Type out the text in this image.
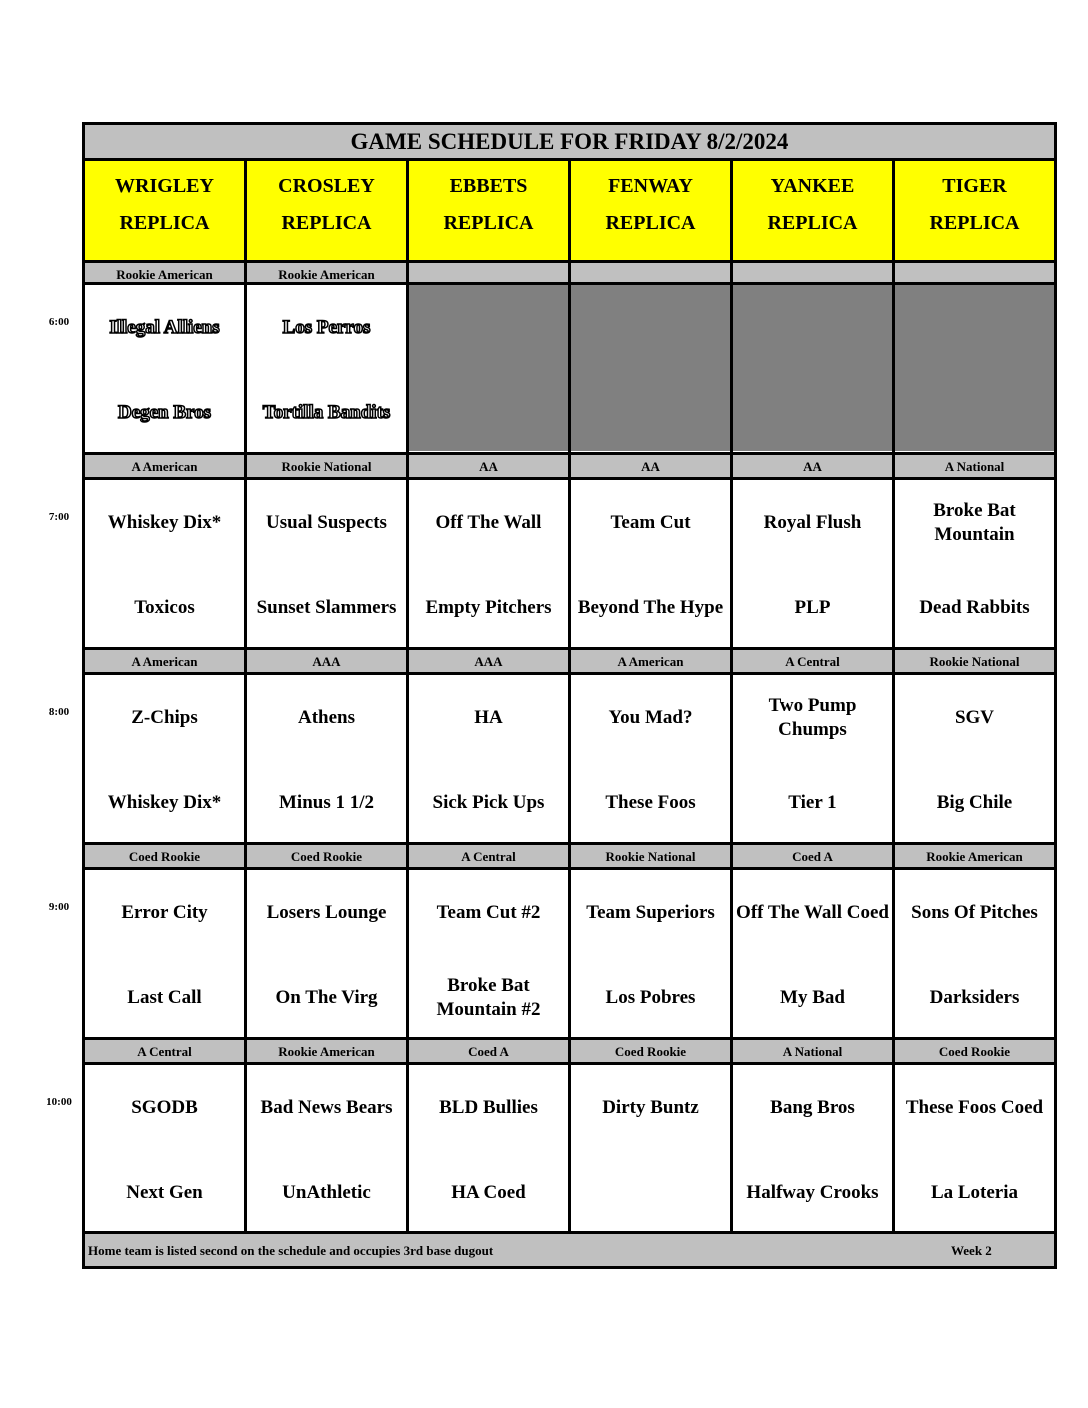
GAME SCHEDULE FOR FRIDAY 8/2/2024
WRIGLEY
REPLICA
CROSLEY
REPLICA
EBBETS
REPLICA
FENWAY
REPLICA
YANKEE
REPLICA
TIGER
REPLICA
Home team is listed second on the schedule and occupies 3rd base dugout	Week 2
Rookie American
Illegal Alliens
Degen Bros
Rookie American
Los Perros
Tortilla Bandits
A American
Whiskey Dix*
Toxicos
Rookie National
Usual Suspects
Sunset Slammers
AA
Off The Wall
Empty Pitchers
AA
Team Cut
Beyond The Hype
AA
Royal Flush
PLP
A National
Broke Bat Mountain
Dead Rabbits
A American
Z-Chips
Whiskey Dix*
AAA
Athens
Minus 1 1/2
AAA
HA
Sick Pick Ups
A American
You Mad?
These Foos
A Central
Two Pump Chumps
Tier 1
Rookie National
SGV
Big Chile
Coed Rookie
Error City
Last Call
Coed Rookie
Losers Lounge
On The Virg
A Central
Team Cut #2
Broke Bat Mountain #2
Rookie National
Team Superiors
Los Pobres
Coed A
Off The Wall Coed
My Bad
Rookie American
Sons Of Pitches
Darksiders
A Central
SGODB
Next Gen
Rookie American
Bad News Bears
UnAthletic
Coed A
BLD Bullies
HA Coed
Coed Rookie
Dirty Buntz
A National
Bang Bros
Halfway Crooks
Coed Rookie
These Foos Coed
La Loteria
6:00
7:00
8:00
9:00
10:00
